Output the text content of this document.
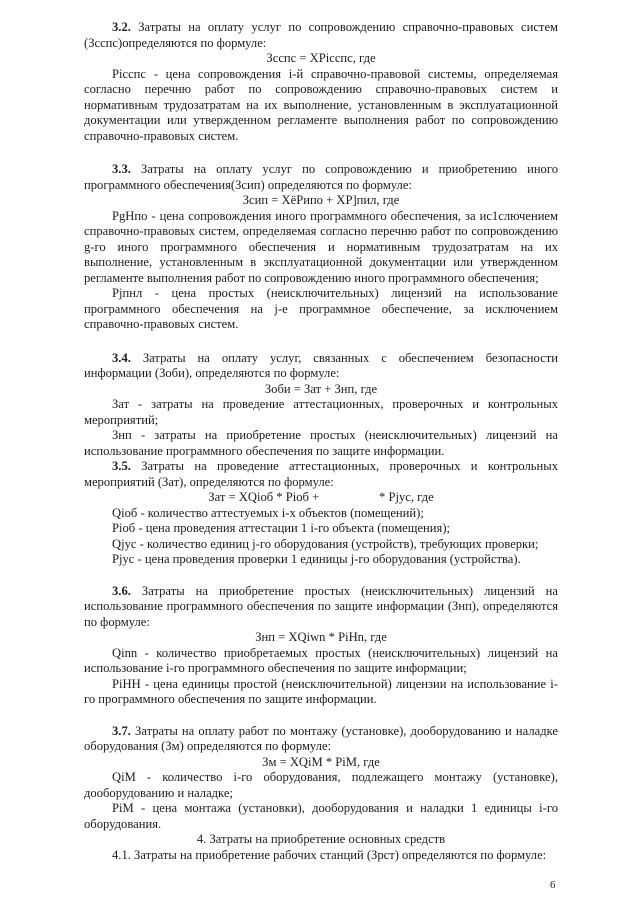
3.2. Затраты на оплату услуг по сопровождению справочно-правовых систем (Зсспс)определяются по формуле:

Зсспс = ХPiсспс, где

Piсспс - цена сопровождения i-й справочно-правовой системы, определяемая согласно перечню работ по сопровождению справочно-правовых систем и нормативным трудозатратам на их выполнение, установленным в эксплуатационной документации или утвержденном регламенте выполнения работ по сопровождению справочно-правовых систем.

3.3. Затраты на оплату услуг по сопровождению и приобретению иного программного обеспечения(Зсип) определяются по формуле:

Зсип = ХёРипо + ХР]пил, где

PgНпо - цена сопровождения иного программного обеспечения, за ис1слючением справочно-правовых систем, определяемая согласно перечню работ по сопровождению g-го иного программного обеспечения и нормативным трудозатратам на их выполнение, установленным в эксплуатационной документации или утвержденном регламенте выполнения работ по сопровождению иного программного обеспечения;

Pjпнл - цена простых (неисключительных) лицензий на использование программного обеспечения на j-е программное обеспечение, за исключением справочно-правовых систем.

3.4. Затраты на оплату услуг, связанных с обеспечением безопасности информации (Зоби), определяются по формуле:

Зоби = Зат + Знп, где

Зат - затраты на проведение аттестационных, проверочных и контрольных мероприятий;

Знп - затраты на приобретение простых (неисключительных) лицензий на использование программного обеспечения по защите информации.

3.5. Затраты на проведение аттестационных, проверочных и контрольных мероприятий (Зат), определяются по формуле:

Зат = XQioб * Piоб +                   * Pjус, где

Qioб - количество аттестуемых i-х объектов (помещений);

Piоб - цена проведения аттестации 1 i-го объекта (помещения);

Qjус - количество единиц j-го оборудования (устройств), требующих проверки;

Pjус - цена проведения проверки 1 единицы j-го оборудования (устройства).

3.6. Затраты на приобретение простых (неисключительных) лицензий на использование программного обеспечения по защите информации (Знп), определяются по формуле:

Знп = XQiwn * PiHn, где

Qinn - количество приобретаемых простых (неисключительных) лицензий на использование i-го программного обеспечения по защите информации;

PiHH - цена единицы простой (неисключительной) лицензии на использование i- го программного обеспечения по защите информации.

3.7. Затраты на оплату работ по монтажу (установке), дооборудованию и наладке оборудования (Зм) определяются по формуле:

Зм = XQiM * PiM, где

QiM - количество i-го оборудования, подлежащего монтажу (установке), дооборудованию и наладке;

PiM - цена монтажа (установки), дооборудования и наладки 1 единицы i-го оборудования.

4. Затраты на приобретение основных средств

4.1. Затраты на приобретение рабочих станций (Зрст) определяются по формуле:

6
